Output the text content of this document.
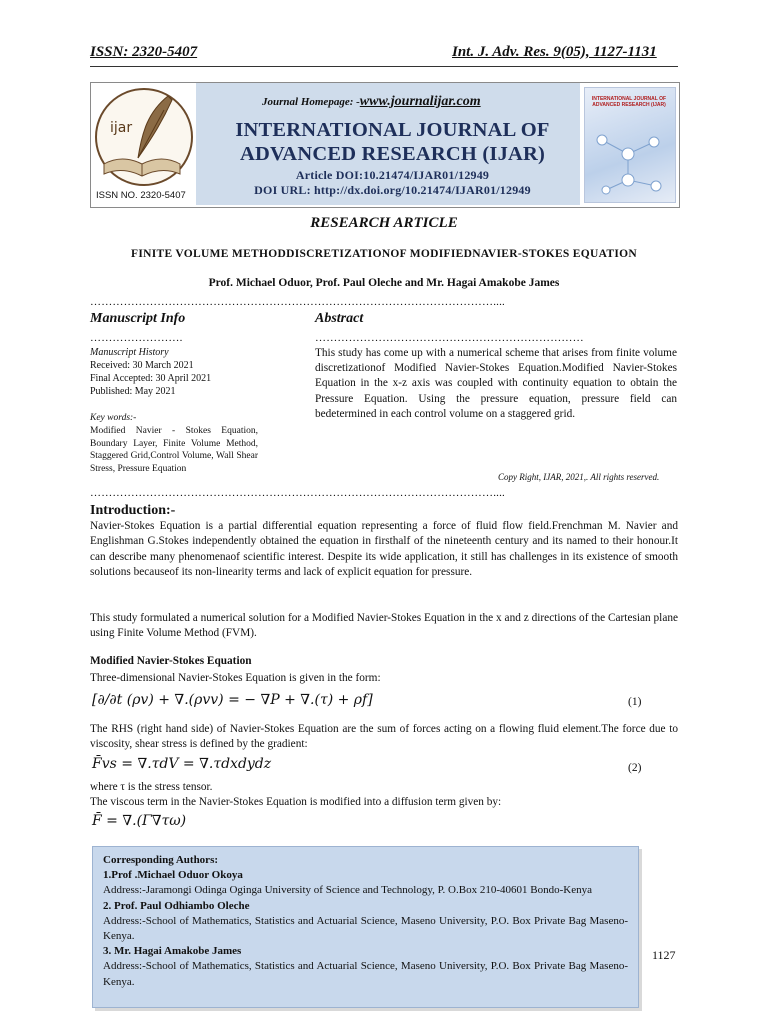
ISSN: 2320-5407	Int. J. Adv. Res. 9(05), 1127-1131
ijar
ISSN NO. 2320-5407
Journal Homepage: -www.journalijar.com
INTERNATIONAL JOURNAL OF
ADVANCED RESEARCH (IJAR)
Article DOI:10.21474/IJAR01/12949
DOI URL: http://dx.doi.org/10.21474/IJAR01/12949
INTERNATIONAL JOURNAL OF ADVANCED RESEARCH (IJAR)
RESEARCH ARTICLE
FINITE VOLUME METHODDISCRETIZATIONOF MODIFIEDNAVIER-STOKES EQUATION
Prof. Michael Oduor, Prof. Paul Oleche and Mr. Hagai Amakobe James
………………………………………………………………………………………………....
Manuscript Info
…………………….
Manuscript History
Received: 30 March 2021
Final Accepted: 30 April 2021
Published: May 2021
Key words:-
Modified Navier - Stokes Equation, Boundary Layer, Finite Volume Method, Staggered Grid,Control Volume, Wall Shear Stress, Pressure Equation
Abstract
………………………………………………………………
This study has come up with a numerical scheme that arises from finite volume discretizationof Modified Navier-Stokes Equation.Modified Navier-Stokes Equation in the x-z axis was coupled with continuity equation to obtain the Pressure Equation. Using the pressure equation, pressure field can bedetermined in each control volume on a staggered grid.
Copy Right, IJAR, 2021,. All rights reserved.
………………………………………………………………………………………………....
Introduction:-
Navier-Stokes Equation is a partial differential equation representing a force of fluid flow field.Frenchman M. Navier and Englishman G.Stokes independently obtained the equation in firsthalf of the nineteenth century and its named to their honour.It can describe many phenomenaof scientific interest. Despite its wide application, it still has challenges in its existence of smooth solutions becauseof its non-linearity terms and lack of explicit equation for pressure.
This study formulated a numerical solution for a Modified Navier-Stokes Equation in the x and z directions of the Cartesian plane using Finite Volume Method (FVM).
Modified Navier-Stokes Equation
Three-dimensional Navier-Stokes Equation is given in the form:
[∂/∂t (ρv) + ∇.(ρvv) = − ∇P + ∇.(τ) + ρf]	(1)
The RHS (right hand side) of Navier-Stokes Equation are the sum of forces acting on a flowing fluid element.The force due to viscosity, shear stress is defined by the gradient:
F̄vs = ∇.τdV = ∇.τdxdydz	(2)
where τ is the stress tensor.
The viscous term in the Navier-Stokes Equation is modified into a diffusion term given by:
F̄ = ∇.(Γ∇τω)
Corresponding Authors:
1.Prof .Michael Oduor Okoya
Address:-Jaramongi Odinga Oginga University of Science and Technology, P. O.Box 210-40601 Bondo-Kenya
2. Prof. Paul Odhiambo Oleche
Address:-School of Mathematics, Statistics and Actuarial Science, Maseno University, P.O. Box Private Bag Maseno- Kenya.
3. Mr. Hagai Amakobe James
Address:-School of Mathematics, Statistics and Actuarial Science, Maseno University, P.O. Box Private Bag Maseno- Kenya.
1127
